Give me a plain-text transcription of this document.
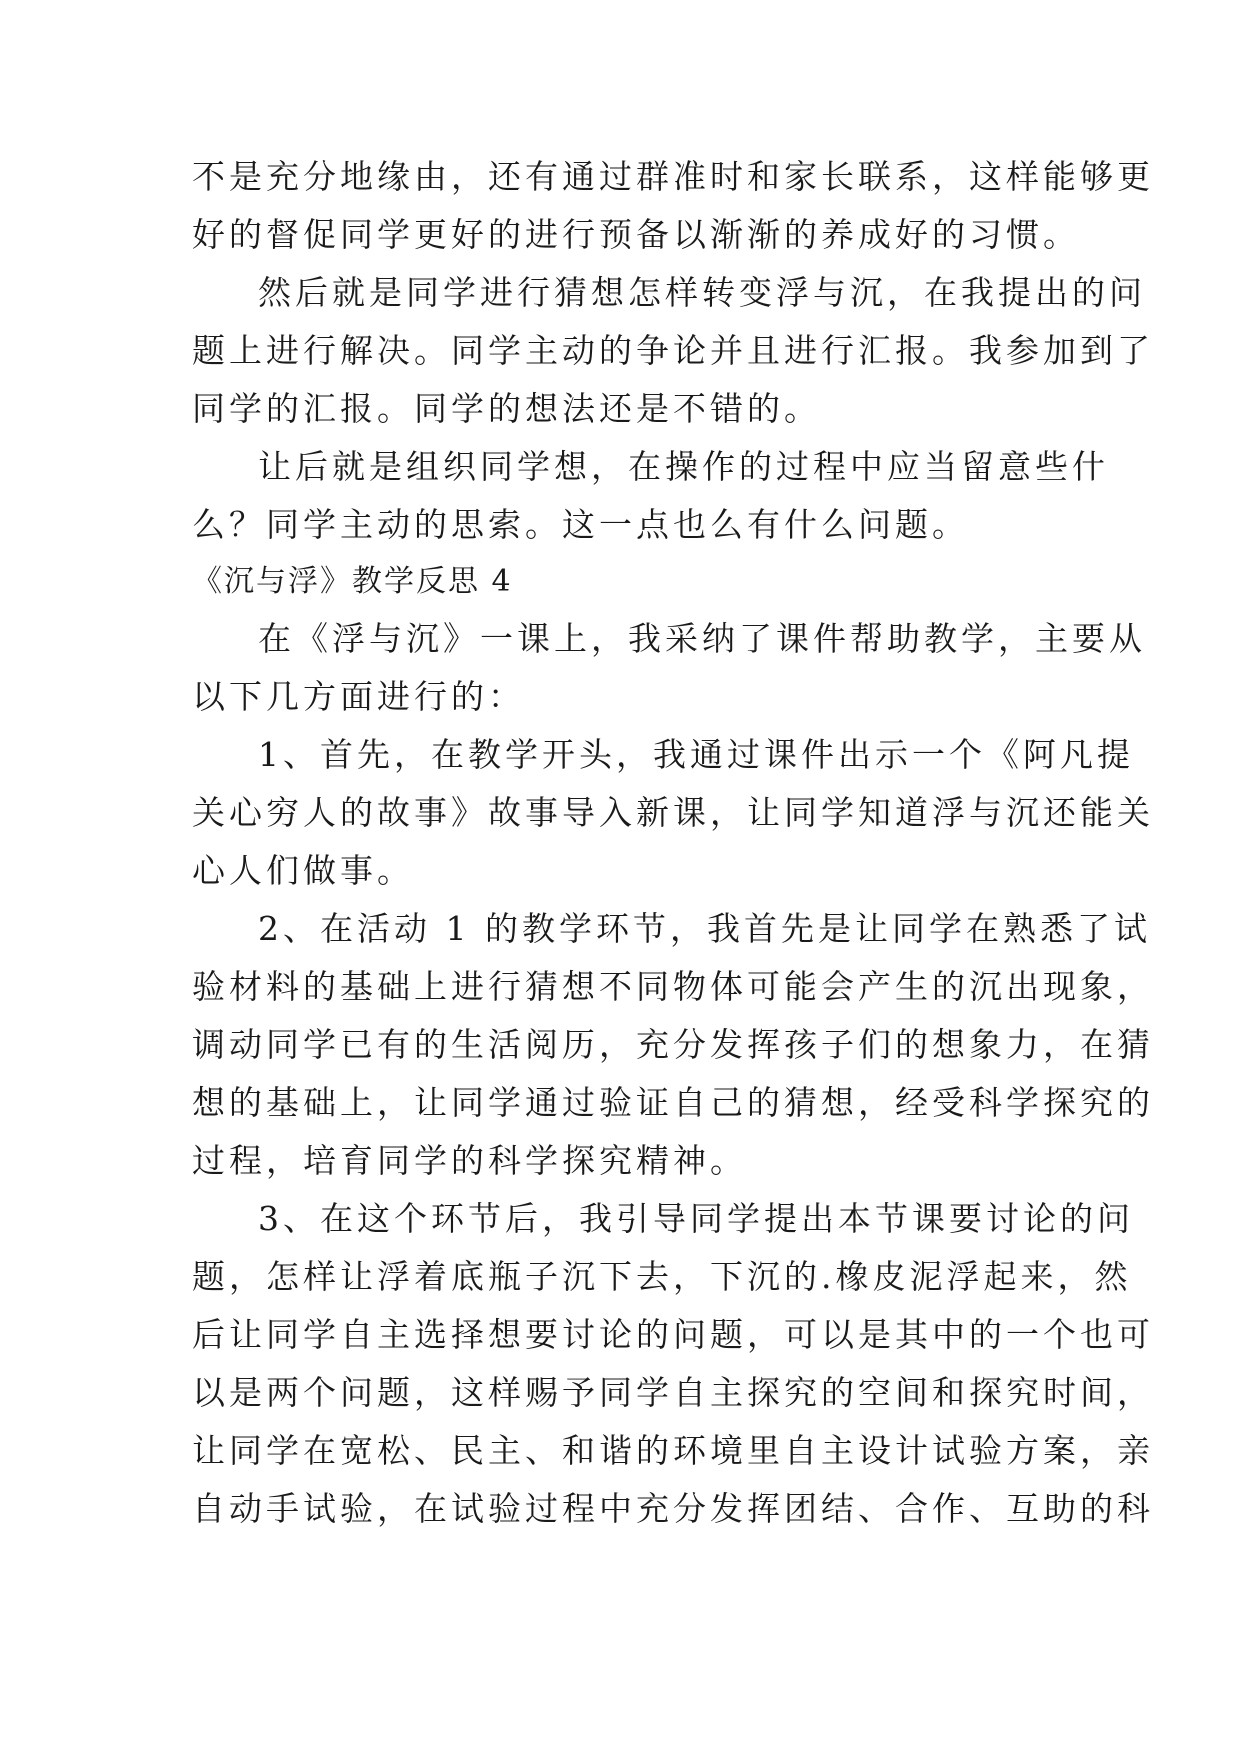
不是充分地缘由，还有通过群准时和家长联系，这样能够更
好的督促同学更好的进行预备以渐渐的养成好的习惯。
然后就是同学进行猜想怎样转变浮与沉，在我提出的问
题上进行解决。同学主动的争论并且进行汇报。我参加到了
同学的汇报。同学的想法还是不错的。
让后就是组织同学想，在操作的过程中应当留意些什
么？同学主动的思索。这一点也么有什么问题。
《沉与浮》教学反思 4
在《浮与沉》一课上，我采纳了课件帮助教学，主要从
以下几方面进行的：
1、首先，在教学开头，我通过课件出示一个《阿凡提
关心穷人的故事》故事导入新课，让同学知道浮与沉还能关
心人们做事。
2、在活动 1 的教学环节，我首先是让同学在熟悉了试
验材料的基础上进行猜想不同物体可能会产生的沉出现象，
调动同学已有的生活阅历，充分发挥孩子们的想象力，在猜
想的基础上，让同学通过验证自己的猜想，经受科学探究的
过程，培育同学的科学探究精神。
3、在这个环节后，我引导同学提出本节课要讨论的问
题，怎样让浮着底瓶子沉下去，下沉的.橡皮泥浮起来，然
后让同学自主选择想要讨论的问题，可以是其中的一个也可
以是两个问题，这样赐予同学自主探究的空间和探究时间，
让同学在宽松、民主、和谐的环境里自主设计试验方案，亲
自动手试验，在试验过程中充分发挥团结、合作、互助的科
